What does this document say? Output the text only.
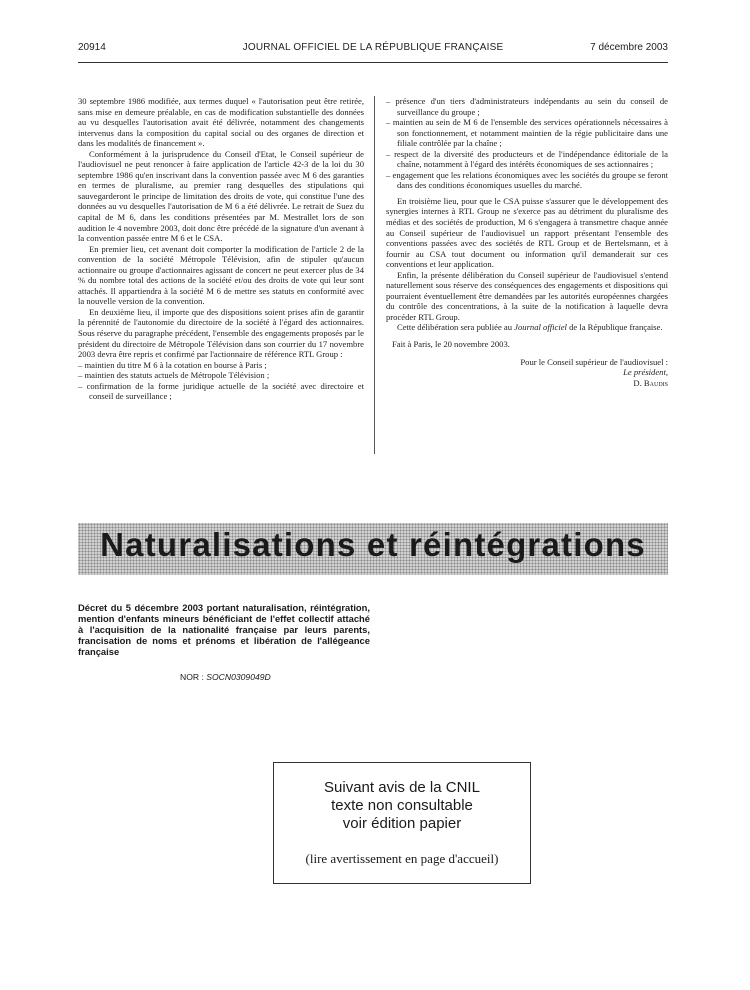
20914	JOURNAL OFFICIEL DE LA RÉPUBLIQUE FRANÇAISE	7 décembre 2003

30 septembre 1986 modifiée, aux termes duquel « l'autorisation peut être retirée, sans mise en demeure préalable, en cas de modification substantielle des données au vu desquelles l'autorisation avait été délivrée, notamment des changements intervenus dans la composition du capital social ou des organes de direction et dans les modalités de financement ».

Conformément à la jurisprudence du Conseil d'Etat, le Conseil supérieur de l'audiovisuel ne peut renoncer à faire application de l'article 42-3 de la loi du 30 septembre 1986 qu'en inscrivant dans la convention passée avec M 6 des garanties en termes de pluralisme, au premier rang desquelles des stipulations qui sauvegarderont le principe de limitation des droits de vote, qui constitue l'une des données au vu desquelles l'autorisation de M 6 a été délivrée. Le retrait de Suez du capital de M 6, dans les conditions présentées par M. Mestrallet lors de son audition le 4 novembre 2003, doit donc être précédé de la signature d'un avenant à la convention passée entre M 6 et le CSA.

En premier lieu, cet avenant doit comporter la modification de l'article 2 de la convention de la société Métropole Télévision, afin de stipuler qu'aucun actionnaire ou groupe d'actionnaires agissant de concert ne peut exercer plus de 34 % du nombre total des actions de la société et/ou des droits de vote qui leur sont attachés. Il appartiendra à la société M 6 de mettre ses statuts en conformité avec la nouvelle version de la convention.

En deuxième lieu, il importe que des dispositions soient prises afin de garantir la pérennité de l'autonomie du directoire de la société à l'égard des actionnaires. Sous réserve du paragraphe précédent, l'ensemble des engagements proposés par le président du directoire de Métropole Télévision dans son courrier du 17 novembre 2003 devra être repris et confirmé par l'actionnaire de référence RTL Group :

– maintien du titre M 6 à la cotation en bourse à Paris ;

– maintien des statuts actuels de Métropole Télévision ;

– confirmation de la forme juridique actuelle de la société avec directoire et conseil de surveillance ;

– présence d'un tiers d'administrateurs indépendants au sein du conseil de surveillance du groupe ;

– maintien au sein de M 6 de l'ensemble des services opérationnels nécessaires à son fonctionnement, et notamment maintien de la régie publicitaire dans une filiale contrôlée par la chaîne ;

– respect de la diversité des producteurs et de l'indépendance éditoriale de la chaîne, notamment à l'égard des intérêts économiques de ses actionnaires ;

– engagement que les relations économiques avec les sociétés du groupe se feront dans des conditions économiques usuelles du marché.

En troisième lieu, pour que le CSA puisse s'assurer que le développement des synergies internes à RTL Group ne s'exerce pas au détriment du pluralisme des médias et des sociétés de production, M 6 s'engagera à transmettre chaque année au Conseil supérieur de l'audiovisuel un rapport présentant l'ensemble des conventions passées avec des sociétés de RTL Group et de Bertelsmann, et à fournir au CSA tout document ou information qu'il demanderait sur ces conventions et leur application.

Enfin, la présente délibération du Conseil supérieur de l'audiovisuel s'entend naturellement sous réserve des conséquences des engagements et dispositions qui pourraient éventuellement être demandées par les autorités européennes chargées du contrôle des concentrations, à la suite de la notification à laquelle devra procéder RTL Group.

Cette délibération sera publiée au Journal officiel de la République française.

Fait à Paris, le 20 novembre 2003.

Pour le Conseil supérieur de l'audiovisuel :
Le président,
D. Baudis
Naturalisations et réintégrations
Décret du 5 décembre 2003 portant naturalisation, réintégration, mention d'enfants mineurs bénéficiant de l'effet collectif attaché à l'acquisition de la nationalité française par leurs parents, francisation de noms et prénoms et libération de l'allégeance française
NOR : SOCN0309049D
Suivant avis de la CNIL
texte non consultable
voir édition papier
(lire avertissement en page d'accueil)
